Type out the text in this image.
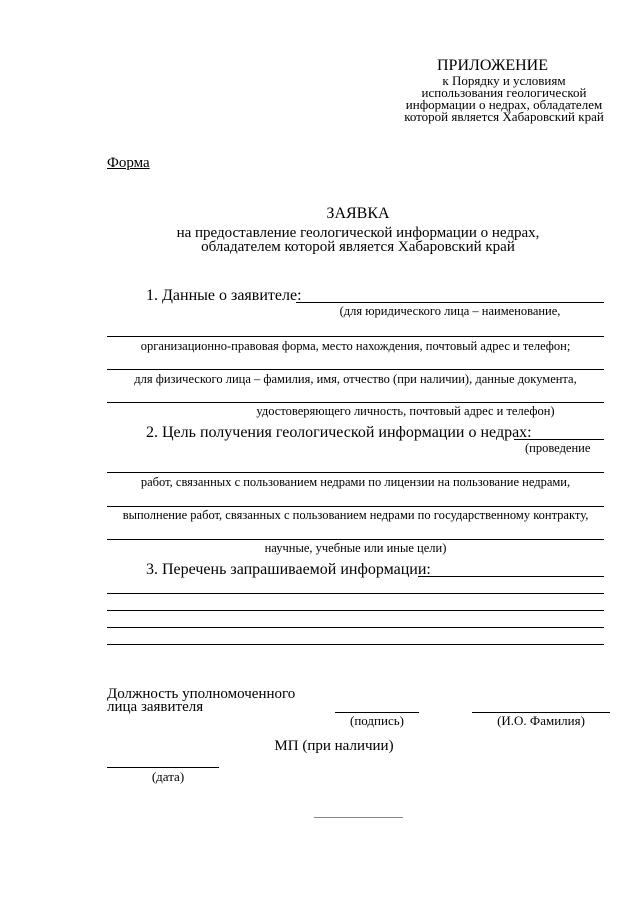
ПРИЛОЖЕНИЕ
к Порядку и условиям
использования геологической
информации о недрах, обладателем
которой является Хабаровский край
Форма
ЗАЯВКА
на предоставление геологической информации о недрах,
обладателем которой является Хабаровский край
1. Данные о заявителе:
(для юридического лица – наименование,
организационно-правовая форма, место нахождения, почтовый адрес и телефон;
для физического лица – фамилия, имя, отчество (при наличии), данные документа,
удостоверяющего личность, почтовый адрес и телефон)
2. Цель получения геологической информации о недрах:
(проведение
работ, связанных с пользованием недрами по лицензии на пользование недрами,
выполнение работ, связанных с пользованием недрами по государственному контракту,
научные, учебные или иные цели)
3. Перечень запрашиваемой информации:
Должность уполномоченного
лица заявителя
(подпись)	(И.О. Фамилия)
МП (при наличии)
(дата)
